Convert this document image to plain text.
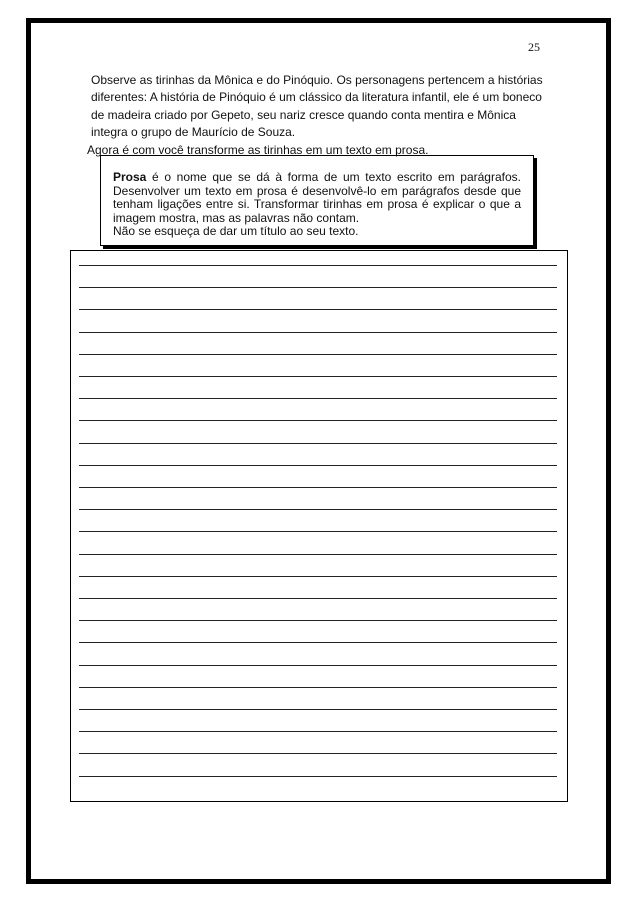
25

Observe as tirinhas da Mônica e do Pinóquio. Os personagens pertencem a histórias

diferentes: A história de Pinóquio é um clássico da literatura infantil, ele é um boneco

de madeira criado por Gepeto, seu nariz cresce quando conta mentira e Mônica

integra o grupo de Maurício de Souza.

Agora é com você transforme as tirinhas em um texto em prosa.

Prosa é o nome que se dá à forma de um texto escrito em parágrafos. Desenvolver um texto em prosa é desenvolvê-lo em parágrafos desde que tenham ligações entre si. Transformar tirinhas em prosa é explicar o que a imagem mostra, mas as palavras não contam.
Não se esqueça de dar um título ao seu texto.
